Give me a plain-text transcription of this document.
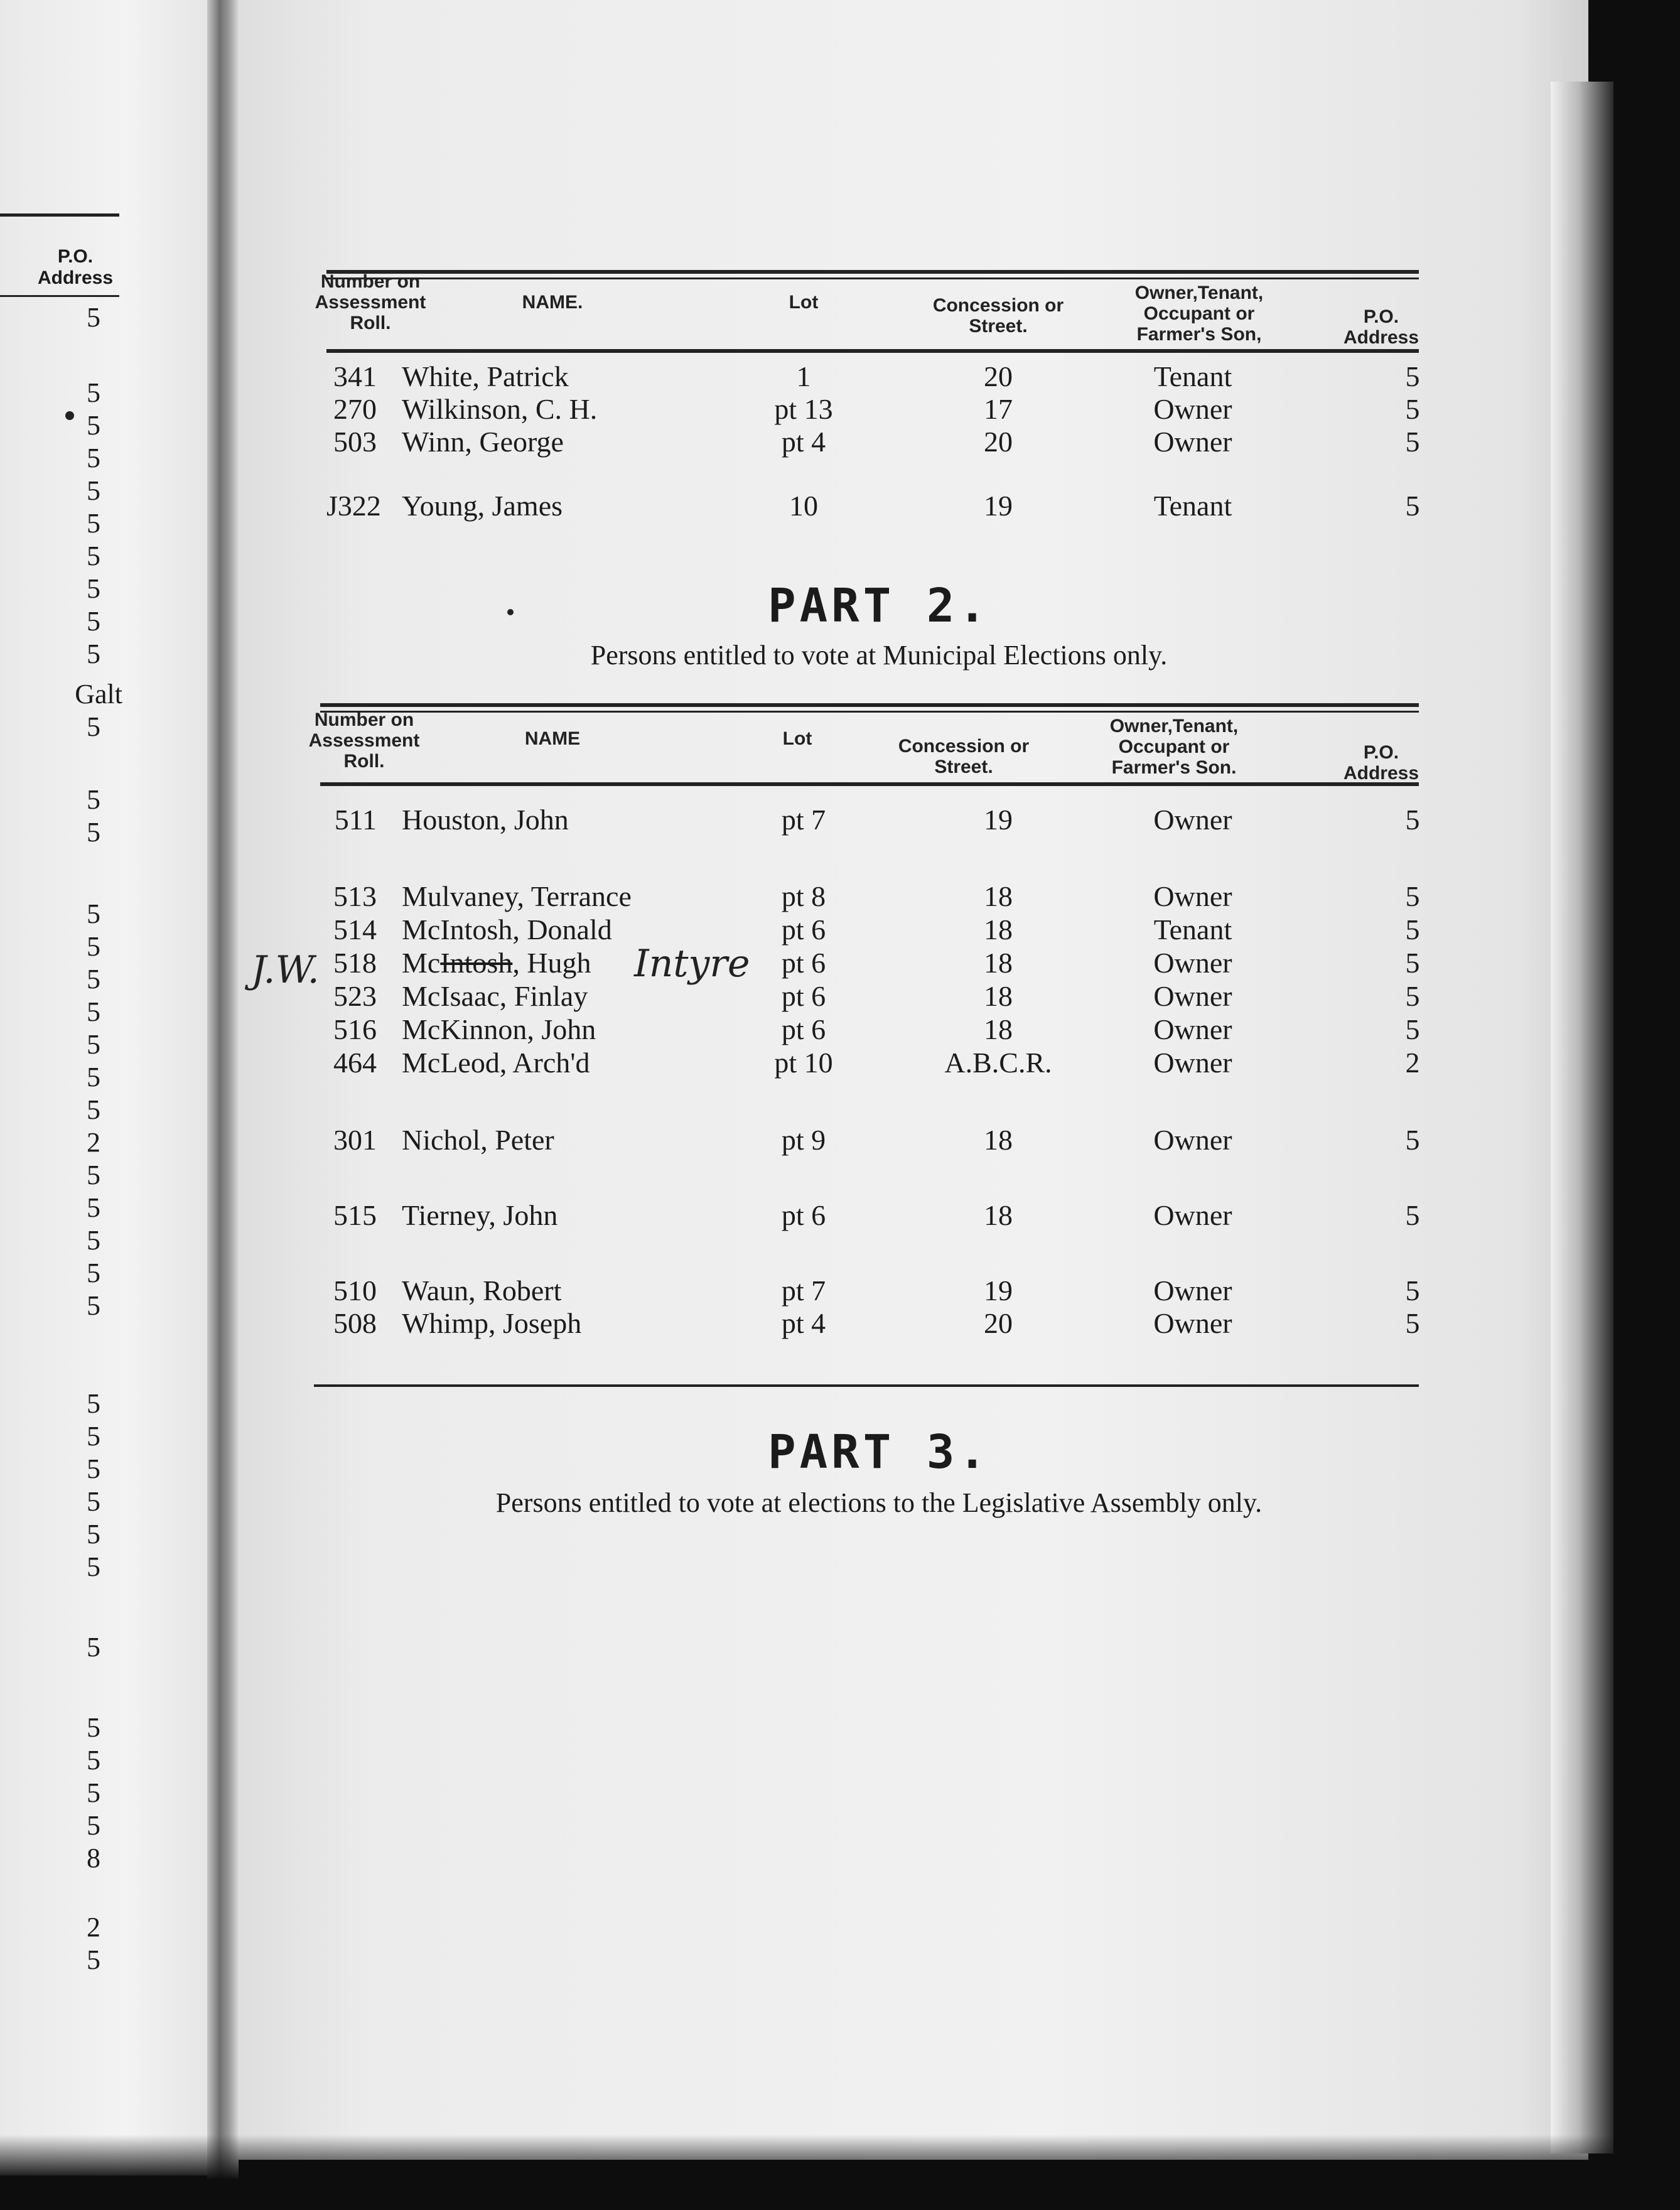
P.O.
Address
5
5
5
5
5
5
5
5
5
5
Galt
5
5
5
5
5
5
5
5
5
5
2
5
5
5
5
5
5
5
5
5
5
5
5
5
5
5
5
8
2
5
Number on Assessment Roll.
NAME.	Lot	Concession or Street.
Owner,Tenant, Occupant or Farmer's Son,
P.O. Address
341 White, Patrick	1	20	Tenant	5
270 Wilkinson, C. H.	pt 13	17	Owner	5
503 Winn, George	pt 4	20	Owner	5
J322 Young, James	10	19	Tenant	5
PART 2.
Persons entitled to vote at Municipal Elections only.
Number on Assessment Roll.
NAME	Lot	Concession or Street.
Owner,Tenant, Occupant or Farmer's Son.
P.O. Address
511 Houston, John	pt 7	19	Owner	5
513 Mulvaney, Terrance	pt 8	18	Owner	5
514 McIntosh, Donald	pt 6	18	Tenant	5
518 McIntosh, Hugh	pt 6	18	Owner	5
523 McIsaac, Finlay	pt 6	18	Owner	5
516 McKinnon, John	pt 6	18	Owner	5
464 McLeod, Arch'd	pt 10	A.B.C.R.	Owner	2
301 Nichol, Peter	pt 9	18	Owner	5
515 Tierney, John	pt 6	18	Owner	5
510 Waun, Robert	pt 7	19	Owner	5
508 Whimp, Joseph	pt 4	20	Owner	5
Intyre
J.W.
PART 3.
Persons entitled to vote at elections to the Legislative Assembly only.
